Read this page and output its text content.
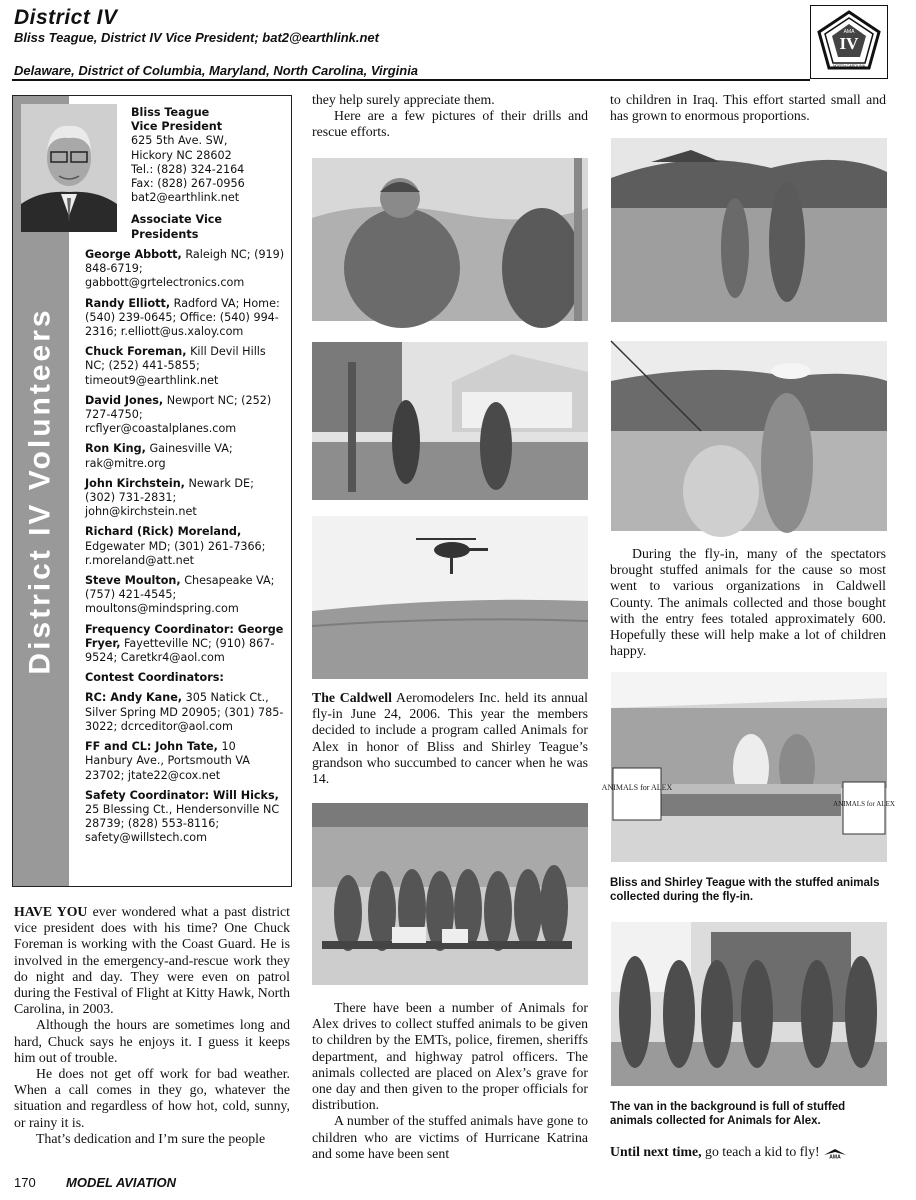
District IV
Bliss Teague, District IV Vice President; bat2@earthlink.net
Delaware, District of Columbia, Maryland, North Carolina, Virginia
IV
AMA
NORTH CAROLINA
District IV Volunteers
Bliss Teague
Vice President
625 5th Ave. SW,
Hickory NC 28602
Tel.: (828) 324-2164
Fax: (828) 267-0956
bat2@earthlink.net
Associate Vice Presidents
George Abbott, Raleigh NC; (919) 848-6719; gabbott@grtelectronics.com
Randy Elliott, Radford VA; Home: (540) 239-0645; Office: (540) 994-2316; r.elliott@us.xaloy.com
Chuck Foreman, Kill Devil Hills NC; (252) 441-5855; timeout9@earthlink.net
David Jones, Newport NC; (252) 727-4750; rcflyer@coastalplanes.com
Ron King, Gainesville VA; rak@mitre.org
John Kirchstein, Newark DE; (302) 731-2831; john@kirchstein.net
Richard (Rick) Moreland, Edgewater MD; (301) 261-7366; r.moreland@att.net
Steve Moulton, Chesapeake VA; (757) 421-4545; moultons@mindspring.com
Frequency Coordinator: George Fryer, Fayetteville NC; (910) 867-9524; Caretkr4@aol.com
Contest Coordinators:
RC: Andy Kane, 305 Natick Ct., Silver Spring MD 20905; (301) 785-3022; dcrceditor@aol.com
FF and CL: John Tate, 10 Hanbury Ave., Portsmouth VA 23702; jtate22@cox.net
Safety Coordinator: Will Hicks, 25 Blessing Ct., Hendersonville NC 28739; (828) 553-8116; safety@willstech.com

HAVE YOU ever wondered what a past district vice president does with his time? One Chuck Foreman is working with the Coast Guard. He is involved in the emergency-and-rescue work they do night and day. They were even on patrol during the Festival of Flight at Kitty Hawk, North Carolina, in 2003.

Although the hours are sometimes long and hard, Chuck says he enjoys it. I guess it keeps him out of trouble.

He does not get off work for bad weather. When a call comes in they go, whatever the situation and regardless of how hot, cold, sunny, or rainy it is.

That’s dedication and I’m sure the people

they help surely appreciate them.

Here are a few pictures of their drills and rescue efforts.

The Caldwell Aeromodelers Inc. held its annual fly-in June 24, 2006. This year the members decided to include a program called Animals for Alex in honor of Bliss and Shirley Teague’s grandson who succumbed to cancer when he was 14.

There have been a number of Animals for Alex drives to collect stuffed animals to be given to children by the EMTs, police, firemen, sheriffs department, and highway patrol officers. The animals collected are placed on Alex’s grave for one day and then given to the proper officials for distribution.

A number of the stuffed animals have gone to children who are victims of Hurricane Katrina and some have been sent

to children in Iraq. This effort started small and has grown to enormous proportions.

During the fly-in, many of the spectators brought stuffed animals for the cause so most went to various organizations in Caldwell County. The animals collected and those bought with the entry fees totaled approximately 600. Hopefully these will help make a lot of children happy.

ANIMALS for ALEX
ANIMALS for ALEX
Bliss and Shirley Teague with the stuffed animals collected during the fly-in.
The van in the background is full of stuffed animals collected for Animals for Alex.

Until next time, go teach a kid to fly! AMA

170 MODEL AVIATION
